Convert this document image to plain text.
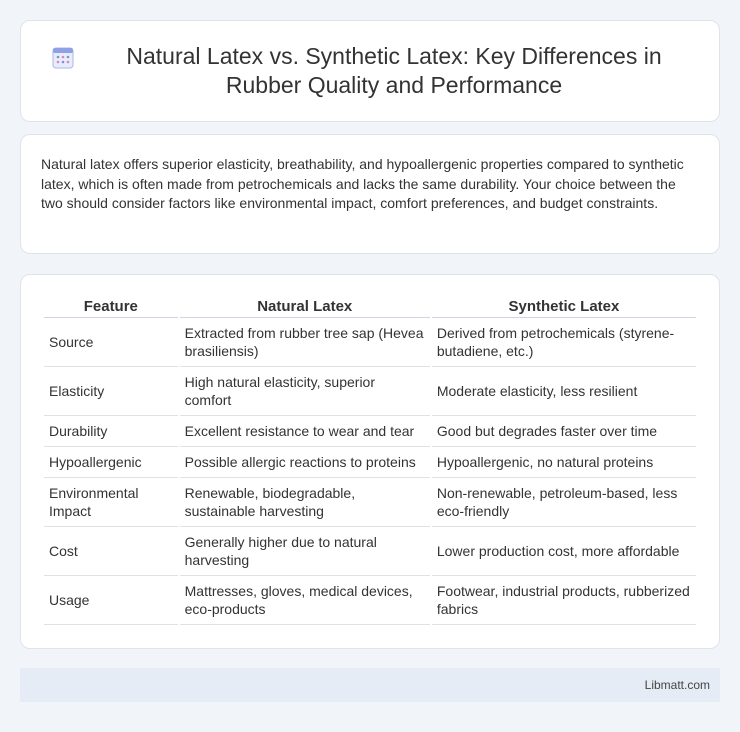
Natural Latex vs. Synthetic Latex: Key Differences in Rubber Quality and Performance

Natural latex offers superior elasticity, breathability, and hypoallergenic properties compared to synthetic latex, which is often made from petrochemicals and lacks the same durability. Your choice between the two should consider factors like environmental impact, comfort preferences, and budget constraints.

Feature	Natural Latex	Synthetic Latex
Source	Extracted from rubber tree sap (Hevea brasiliensis)	Derived from petrochemicals (styrene-butadiene, etc.)
Elasticity	High natural elasticity, superior comfort	Moderate elasticity, less resilient
Durability	Excellent resistance to wear and tear	Good but degrades faster over time
Hypoallergenic	Possible allergic reactions to proteins	Hypoallergenic, no natural proteins
Environmental Impact	Renewable, biodegradable, sustainable harvesting	Non-renewable, petroleum-based, less eco-friendly
Cost	Generally higher due to natural harvesting	Lower production cost, more affordable
Usage	Mattresses, gloves, medical devices, eco-products	Footwear, industrial products, rubberized fabrics
Libmatt.com
